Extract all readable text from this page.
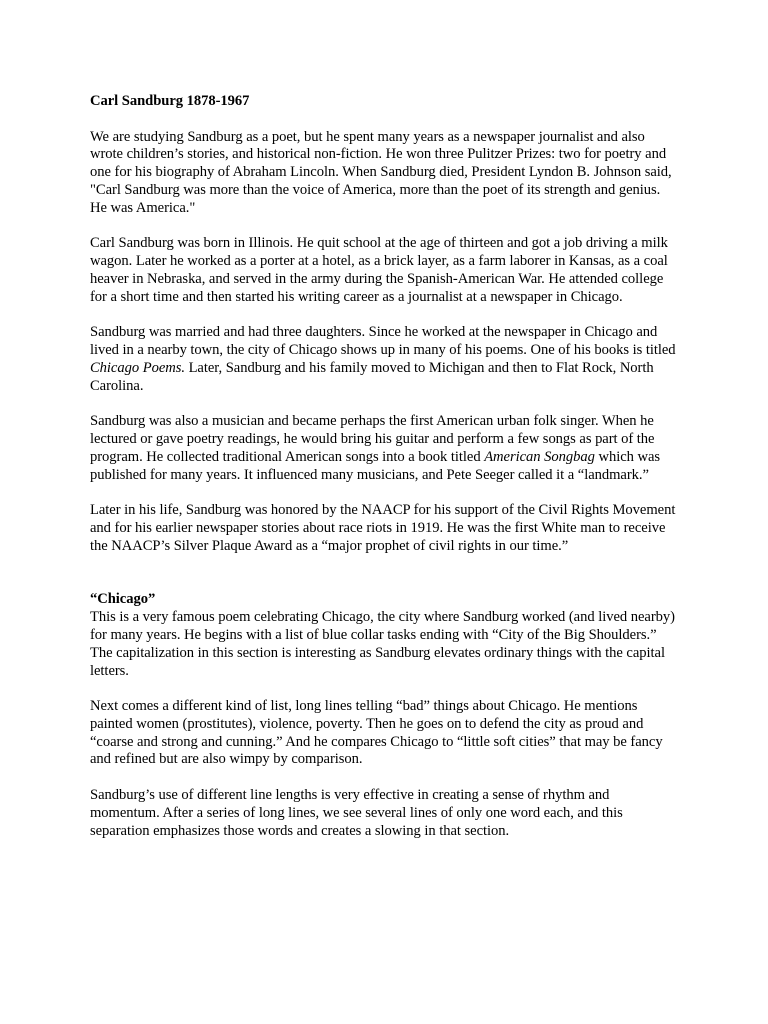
Carl Sandburg 1878-1967

We are studying Sandburg as a poet, but he spent many years as a newspaper journalist and also wrote children’s stories, and historical non-fiction. He won three Pulitzer Prizes: two for poetry and one for his biography of Abraham Lincoln. When Sandburg died, President Lyndon B. Johnson said, "Carl Sandburg was more than the voice of America, more than the poet of its strength and genius. He was America."

Carl Sandburg was born in Illinois. He quit school at the age of thirteen and got a job driving a milk wagon. Later he worked as a porter at a hotel, as a brick layer, as a farm laborer in Kansas, as a coal heaver in Nebraska, and served in the army during the Spanish-American War. He attended college for a short time and then started his writing career as a journalist at a newspaper in Chicago.

Sandburg was married and had three daughters. Since he worked at the newspaper in Chicago and lived in a nearby town, the city of Chicago shows up in many of his poems. One of his books is titled Chicago Poems. Later, Sandburg and his family moved to Michigan and then to Flat Rock, North Carolina.

Sandburg was also a musician and became perhaps the first American urban folk singer. When he lectured or gave poetry readings, he would bring his guitar and perform a few songs as part of the program. He collected traditional American songs into a book titled American Songbag which was published for many years. It influenced many musicians, and Pete Seeger called it a “landmark.”

Later in his life, Sandburg was honored by the NAACP for his support of the Civil Rights Movement and for his earlier newspaper stories about race riots in 1919. He was the first White man to receive the NAACP’s Silver Plaque Award as a “major prophet of civil rights in our time.”

“Chicago”

This is a very famous poem celebrating Chicago, the city where Sandburg worked (and lived nearby) for many years. He begins with a list of blue collar tasks ending with “City of the Big Shoulders.” The capitalization in this section is interesting as Sandburg elevates ordinary things with the capital letters.

Next comes a different kind of list, long lines telling “bad” things about Chicago. He mentions painted women (prostitutes), violence, poverty. Then he goes on to defend the city as proud and “coarse and strong and cunning.” And he compares Chicago to “little soft cities” that may be fancy and refined but are also wimpy by comparison.

Sandburg’s use of different line lengths is very effective in creating a sense of rhythm and momentum. After a series of long lines, we see several lines of only one word each, and this separation emphasizes those words and creates a slowing in that section.
